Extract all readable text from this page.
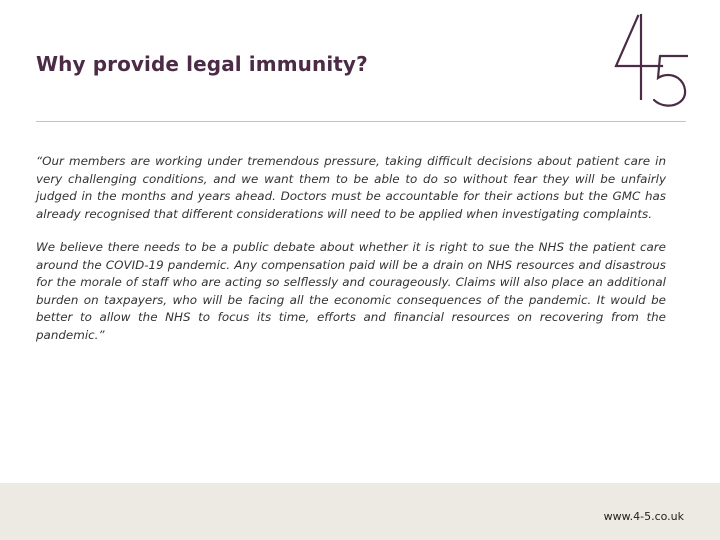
Why provide legal immunity?

“Our members are working under tremendous pressure, taking difficult decisions about patient care in very challenging conditions, and we want them to be able to do so without fear they will be unfairly judged in the months and years ahead. Doctors must be accountable for their actions but the GMC has already recognised that different considerations will need to be applied when investigating complaints.

We believe there needs to be a public debate about whether it is right to sue the NHS the patient care around the COVID-19 pandemic. Any compensation paid will be a drain on NHS resources and disastrous for the morale of staff who are acting so selflessly and courageously. Claims will also place an additional burden on taxpayers, who will be facing all the economic consequences of the pandemic. It would be better to allow the NHS to focus its time, efforts and financial resources on recovering from the pandemic.”

www.4-5.co.uk
